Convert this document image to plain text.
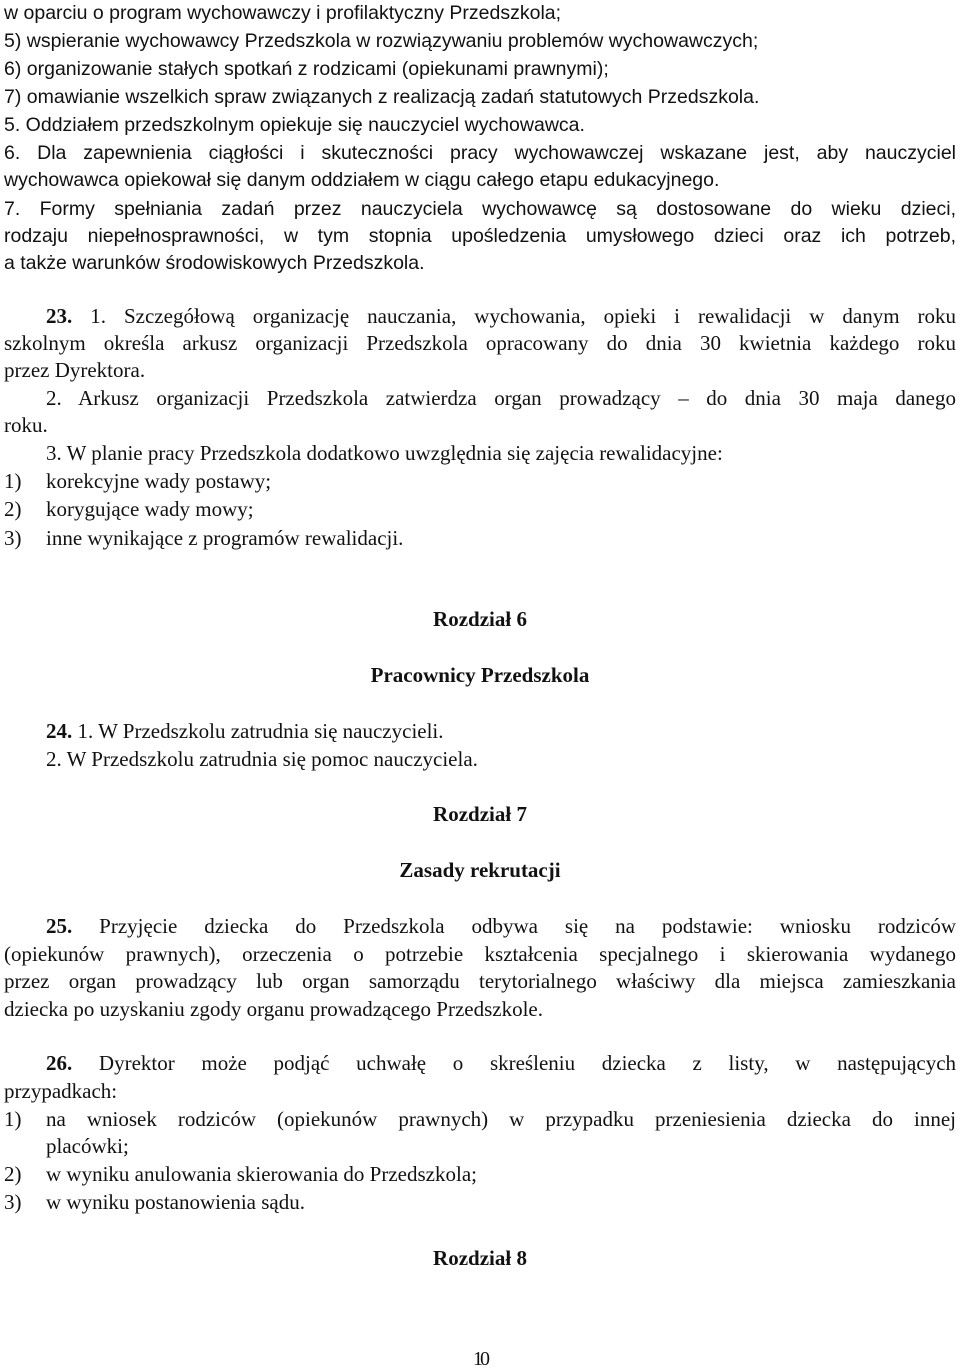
w oparciu o program wychowawczy i profilaktyczny Przedszkola;
5) wspieranie wychowawcy Przedszkola w rozwiązywaniu problemów wychowawczych;
6) organizowanie stałych spotkań z rodzicami (opiekunami prawnymi);
7) omawianie wszelkich spraw związanych z realizacją zadań statutowych Przedszkola.
5. Oddziałem przedszkolnym opiekuje się nauczyciel wychowawca.
6. Dla zapewnienia ciągłości i skuteczności pracy wychowawczej wskazane jest, aby nauczyciel
wychowawca opiekował się danym oddziałem w ciągu całego etapu edukacyjnego.
7. Formy spełniania zadań przez nauczyciela wychowawcę są dostosowane do wieku dzieci,
rodzaju niepełnosprawności, w tym stopnia upośledzenia umysłowego dzieci oraz ich potrzeb,
a także warunków środowiskowych Przedszkola.
23. 1. Szczegółową organizację nauczania, wychowania, opieki i rewalidacji w danym roku
szkolnym określa arkusz organizacji Przedszkola opracowany do dnia 30 kwietnia każdego roku
przez Dyrektora.
2. Arkusz organizacji Przedszkola zatwierdza organ prowadzący – do dnia 30 maja danego
roku.
3. W planie pracy Przedszkola dodatkowo uwzględnia się zajęcia rewalidacyjne:
1) korekcyjne wady postawy;
2) korygujące wady mowy;
3) inne wynikające z programów rewalidacji.
Rozdział 6
Pracownicy Przedszkola
24. 1. W Przedszkolu zatrudnia się nauczycieli.
2. W Przedszkolu zatrudnia się pomoc nauczyciela.
Rozdział 7
Zasady rekrutacji
25. Przyjęcie dziecka do Przedszkola odbywa się na podstawie: wniosku rodziców
(opiekunów prawnych), orzeczenia o potrzebie kształcenia specjalnego i skierowania wydanego
przez organ prowadzący lub organ samorządu terytorialnego właściwy dla miejsca zamieszkania
dziecka po uzyskaniu zgody organu prowadzącego Przedszkole.
26. Dyrektor może podjąć uchwałę o skreśleniu dziecka z listy, w następujących
przypadkach:
1) na wniosek rodziców (opiekunów prawnych) w przypadku przeniesienia dziecka do innej
placówki;
2) w wyniku anulowania skierowania do Przedszkola;
3) w wyniku postanowienia sądu.
Rozdział 8
10
